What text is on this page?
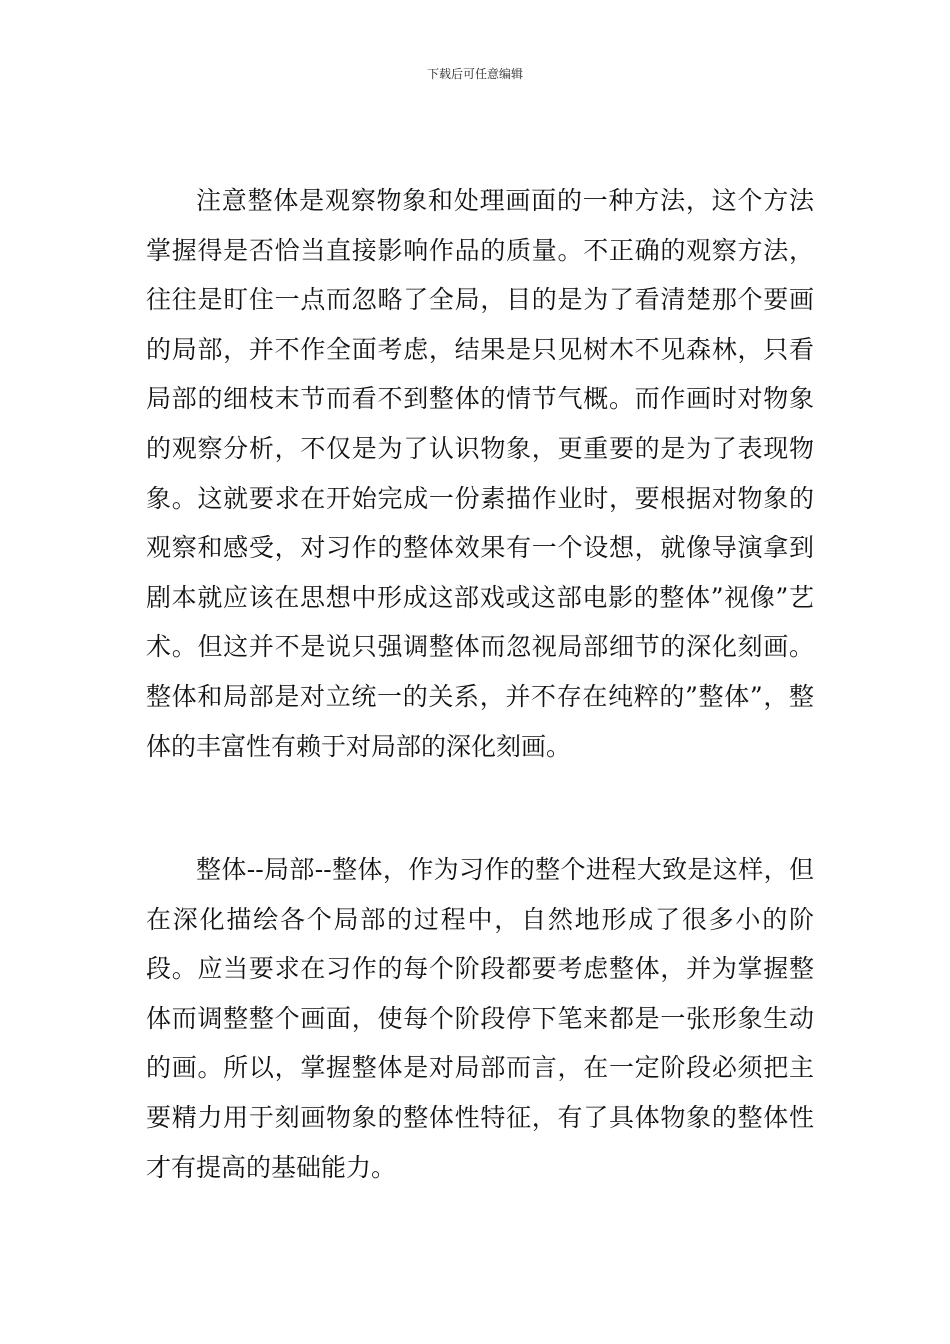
下载后可任意编辑

注意整体是观察物象和处理画面的一种方法，这个方法掌握得是否恰当直接影响作品的质量。不正确的观察方法，往往是盯住一点而忽略了全局，目的是为了看清楚那个要画的局部，并不作全面考虑，结果是只见树木不见森林，只看局部的细枝末节而看不到整体的情节气概。而作画时对物象的观察分析，不仅是为了认识物象，更重要的是为了表现物象。这就要求在开始完成一份素描作业时，要根据对物象的观察和感受，对习作的整体效果有一个设想，就像导演拿到剧本就应该在思想中形成这部戏或这部电影的整体”视像”艺术。但这并不是说只强调整体而忽视局部细节的深化刻画。整体和局部是对立统一的关系，并不存在纯粹的”整体”，整体的丰富性有赖于对局部的深化刻画。

整体--局部--整体，作为习作的整个进程大致是这样，但在深化描绘各个局部的过程中，自然地形成了很多小的阶段。应当要求在习作的每个阶段都要考虑整体，并为掌握整体而调整整个画面，使每个阶段停下笔来都是一张形象生动的画。所以，掌握整体是对局部而言，在一定阶段必须把主要精力用于刻画物象的整体性特征，有了具体物象的整体性才有提高的基础能力。
